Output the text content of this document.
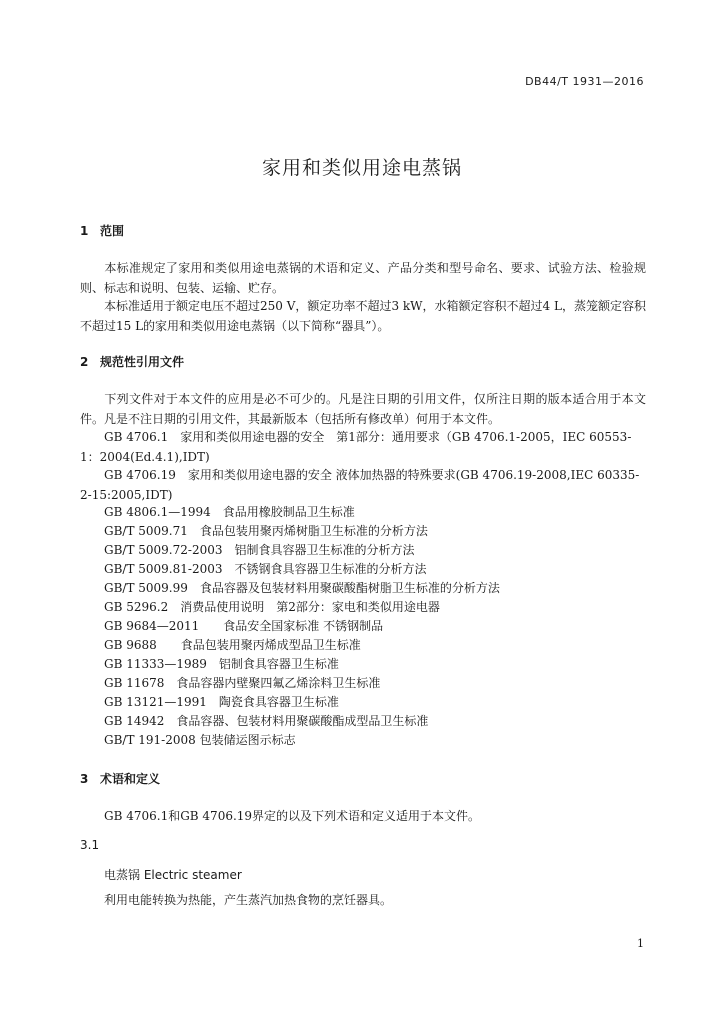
DB44/T 1931—2016
家用和类似用途电蒸锅
1 范围
本标准规定了家用和类似用途电蒸锅的术语和定义、产品分类和型号命名、要求、试验方法、检验规则、标志和说明、包装、运输、贮存。
本标准适用于额定电压不超过250 V，额定功率不超过3 kW，水箱额定容积不超过4 L，蒸笼额定容积不超过15 L的家用和类似用途电蒸锅（以下简称“器具”）。
2 规范性引用文件
下列文件对于本文件的应用是必不可少的。凡是注日期的引用文件，仅所注日期的版本适合用于本文件。凡是不注日期的引用文件，其最新版本（包括所有修改单）何用于本文件。
GB 4706.1　家用和类似用途电器的安全　第1部分：通用要求（GB 4706.1-2005，IEC 60553-1：2004(Ed.4.1),IDT)
GB 4706.19　家用和类似用途电器的安全 液体加热器的特殊要求(GB 4706.19-2008,IEC 60335-2-15:2005,IDT)
GB 4806.1—1994　食品用橡胶制品卫生标准
GB/T 5009.71　食品包装用聚丙烯树脂卫生标准的分析方法
GB/T 5009.72-2003　铝制食具容器卫生标准的分析方法
GB/T 5009.81-2003　不锈钢食具容器卫生标准的分析方法
GB/T 5009.99　食品容器及包装材料用聚碳酸酯树脂卫生标准的分析方法
GB 5296.2　消费品使用说明　第2部分：家电和类似用途电器
GB 9684—2011　　食品安全国家标准 不锈钢制品
GB 9688　　食品包装用聚丙烯成型品卫生标准
GB 11333—1989　铝制食具容器卫生标准
GB 11678　食品容器内壁聚四氟乙烯涂料卫生标准
GB 13121—1991　陶瓷食具容器卫生标准
GB 14942　食品容器、包装材料用聚碳酸酯成型品卫生标准
GB/T 191-2008 包装储运图示标志
3 术语和定义
GB 4706.1和GB 4706.19界定的以及下列术语和定义适用于本文件。
3.1
电蒸锅 Electric steamer
利用电能转换为热能，产生蒸汽加热食物的烹饪器具。
1
